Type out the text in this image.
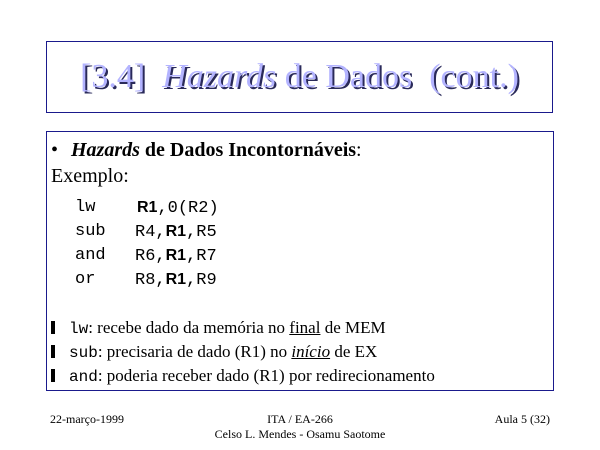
[3.4] Hazards de Dados (cont.)
• Hazards de Dados Incontornáveis:
Exemplo:
lw	R1,0(R2)
sub R4,R1,R5
and R6,R1,R7
or R8,R1,R9
lw: recebe dado da memória no final de MEM
sub: precisaria de dado (R1) no início de EX
and: poderia receber dado (R1) por redirecionamento
22-março-1999	ITA / EA-266
Celso L. Mendes - Osamu Saotome
Aula 5 (32)
